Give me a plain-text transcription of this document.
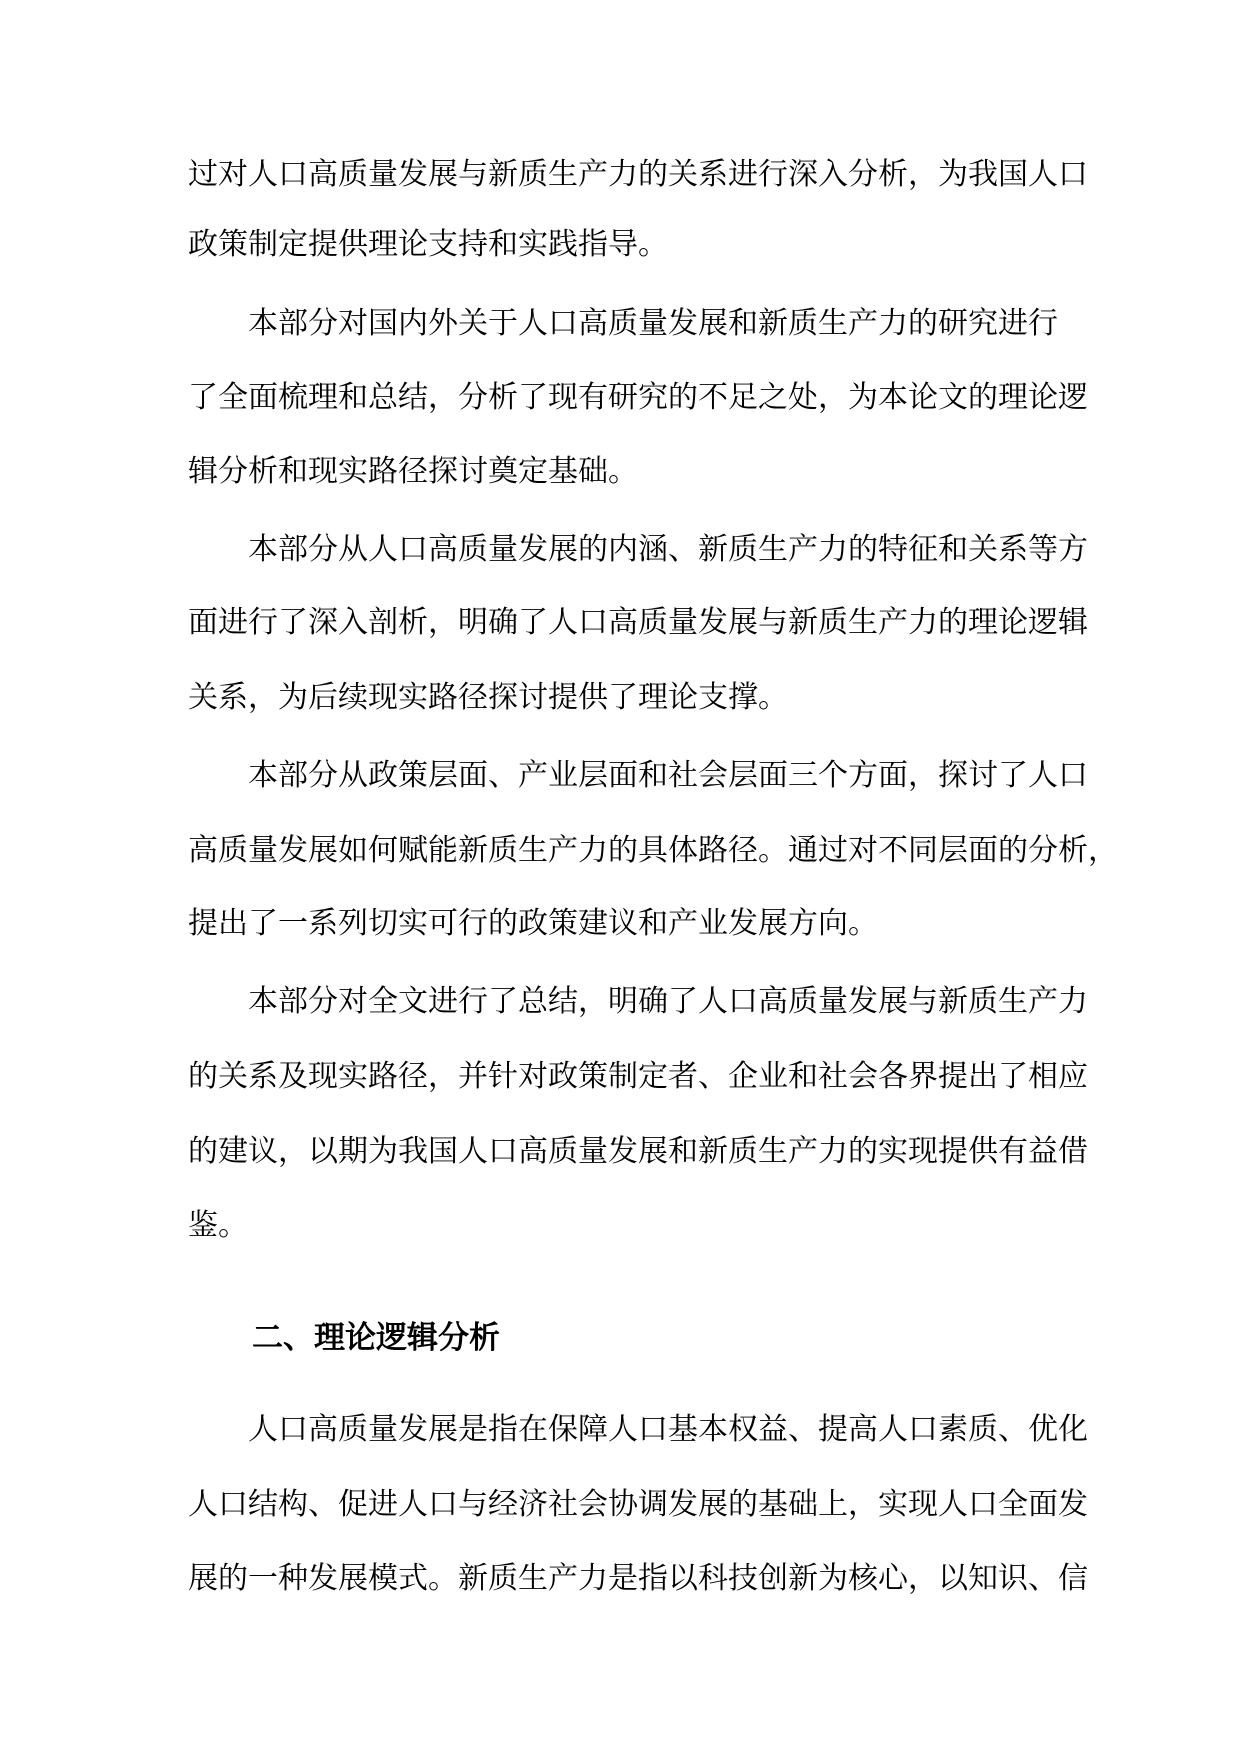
过对人口高质量发展与新质生产力的关系进行深入分析，为我国人口
政策制定提供理论支持和实践指导。
本部分对国内外关于人口高质量发展和新质生产力的研究进行
了全面梳理和总结，分析了现有研究的不足之处，为本论文的理论逻
辑分析和现实路径探讨奠定基础。
本部分从人口高质量发展的内涵、新质生产力的特征和关系等方
面进行了深入剖析，明确了人口高质量发展与新质生产力的理论逻辑
关系，为后续现实路径探讨提供了理论支撑。
本部分从政策层面、产业层面和社会层面三个方面，探讨了人口
高质量发展如何赋能新质生产力的具体路径。通过对不同层面的分析，
提出了一系列切实可行的政策建议和产业发展方向。
本部分对全文进行了总结，明确了人口高质量发展与新质生产力
的关系及现实路径，并针对政策制定者、企业和社会各界提出了相应
的建议，以期为我国人口高质量发展和新质生产力的实现提供有益借
鉴。
二、理论逻辑分析
人口高质量发展是指在保障人口基本权益、提高人口素质、优化
人口结构、促进人口与经济社会协调发展的基础上，实现人口全面发
展的一种发展模式。新质生产力是指以科技创新为核心，以知识、信
